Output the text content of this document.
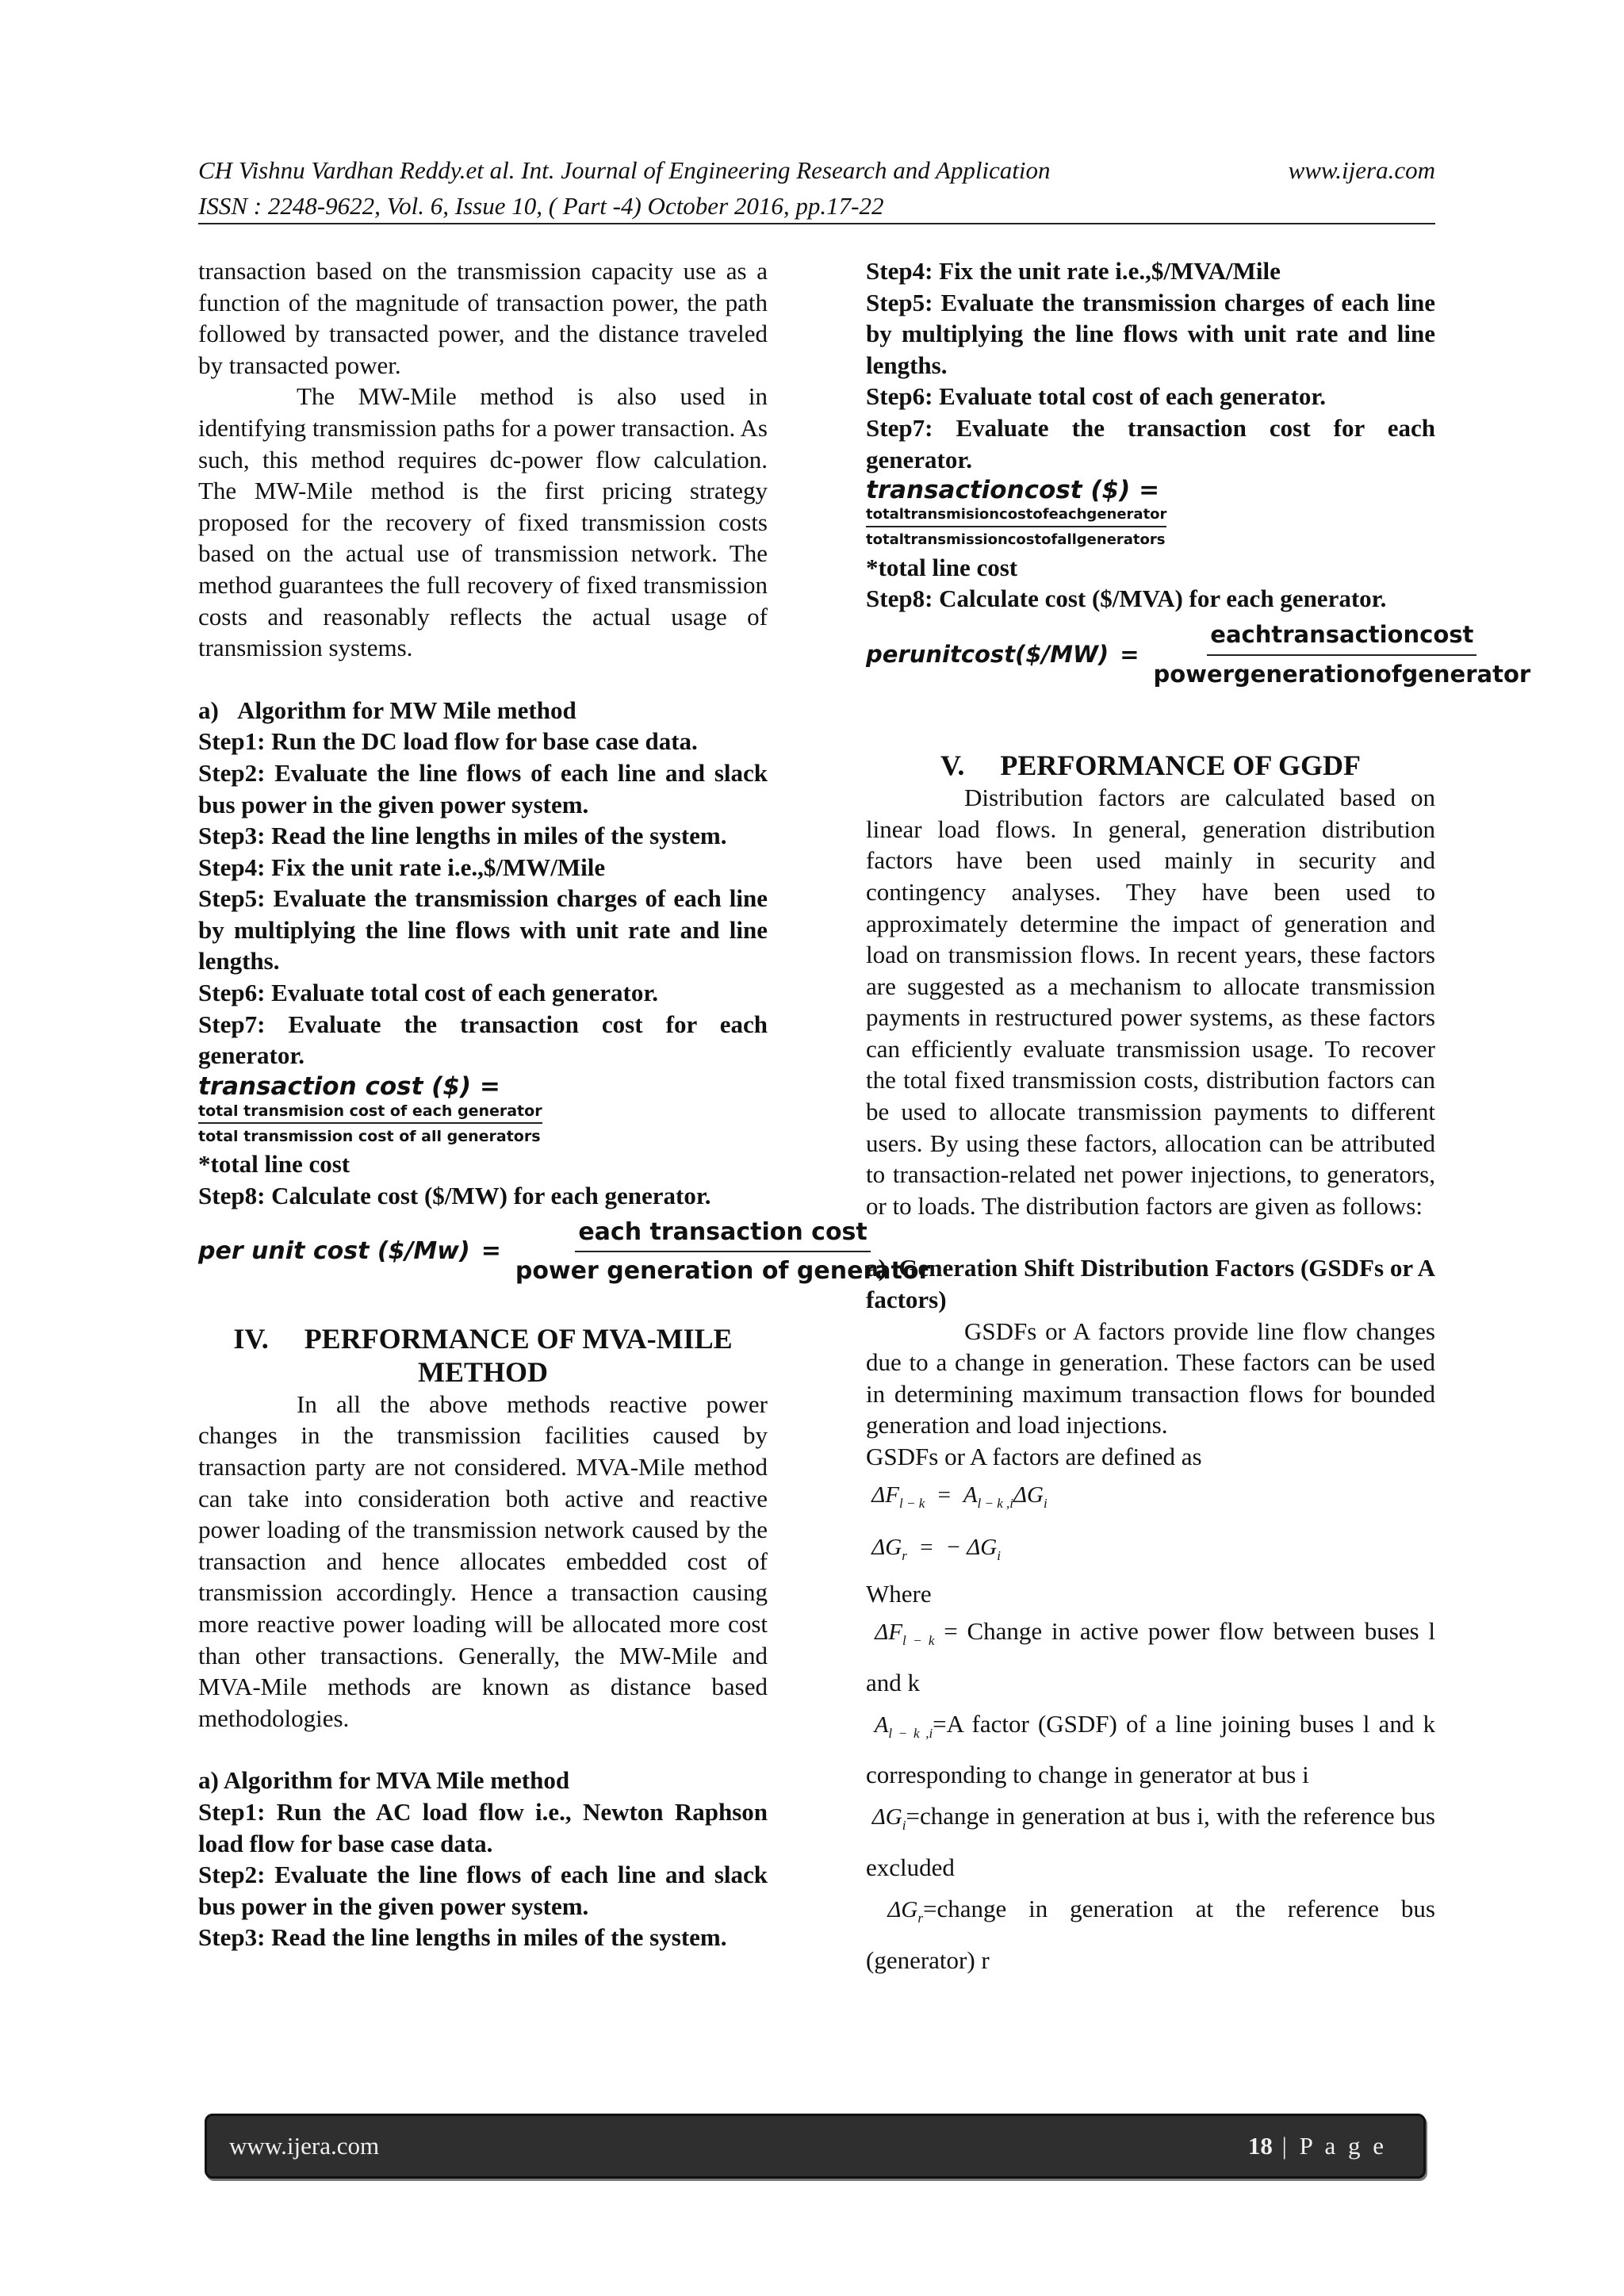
CH Vishnu Vardhan Reddy.et al. Int. Journal of Engineering Research and Application	www.ijera.com
ISSN : 2248-9622, Vol. 6, Issue 10, ( Part -4) October 2016, pp.17-22

transaction based on the transmission capacity use as a function of the magnitude of transaction power, the path followed by transacted power, and the distance traveled by transacted power.

The MW-Mile method is also used in identifying transmission paths for a power transaction. As such, this method requires dc-power flow calculation. The MW-Mile method is the first pricing strategy proposed for the recovery of fixed transmission costs based on the actual use of transmission network. The method guarantees the full recovery of fixed transmission costs and reasonably reflects the actual usage of transmission systems.

a)   Algorithm for MW Mile method

Step1: Run the DC load flow for base case data.

Step2: Evaluate the line flows of each line and slack bus power in the given power system.

Step3: Read the line lengths in miles of the system.

Step4: Fix the unit rate i.e.,$/MW/Mile

Step5: Evaluate the transmission charges of each line by multiplying the line flows with unit rate and line lengths.

Step6: Evaluate total cost of each generator.

Step7: Evaluate the transaction cost for each generator.

transaction cost ($) =
$\frac{\text{total transmision cost of each generator}}{\text{total transmission cost of all generators}}$

*total line cost

Step8: Calculate cost ($/MW) for each generator.

per unit cost ($/Mw) =
each transaction cost
power generation of generator
IV.     PERFORMANCE OF MVA-MILE METHOD

In all the above methods reactive power changes in the transmission facilities caused by transaction party are not considered. MVA-Mile method can take into consideration both active and reactive power loading of the transmission network caused by the transaction and hence allocates embedded cost of transmission accordingly. Hence a transaction causing more reactive power loading will be allocated more cost than other transactions. Generally, the MW-Mile and MVA-Mile methods are known as distance based methodologies.

a) Algorithm for MVA Mile method

Step1: Run the AC load flow i.e., Newton Raphson load flow for base case data.

Step2: Evaluate the line flows of each line and slack bus power in the given power system.

Step3: Read the line lengths in miles of the system.

Step4: Fix the unit rate i.e.,$/MVA/Mile

Step5: Evaluate the transmission charges of each line by multiplying the line flows with unit rate and line lengths.

Step6: Evaluate total cost of each generator.

Step7: Evaluate the transaction cost for each generator.

transactioncost ($) =
$\frac{\text{totaltransmisioncostofeachgenerator}}{\text{totaltransmissioncostofallgenerators}}$

*total line cost

Step8: Calculate cost ($/MVA) for each generator.

perunitcost($/MW) =
eachtransactioncost
powergenerationofgenerator
V.     PERFORMANCE OF GGDF

Distribution factors are calculated based on linear load flows. In general, generation distribution factors have been used mainly in security and contingency analyses. They have been used to approximately determine the impact of generation and load on transmission flows. In recent years, these factors are suggested as a mechanism to allocate transmission payments in restructured power systems, as these factors can efficiently evaluate transmission usage. To recover the total fixed transmission costs, distribution factors can be used to allocate transmission payments to different users. By using these factors, allocation can be attributed to transaction-related net power injections, to generators, or to loads. The distribution factors are given as follows:

a)  Generation Shift Distribution Factors (GSDFs or A factors)

GSDFs or A factors provide line flow changes due to a change in generation. These factors can be used in determining maximum transaction flows for bounded generation and load injections.

GSDFs or A factors are defined as

$\Delta F_{l - k} = A_{l - k ,i}\Delta G_i$
$\Delta G_r$  =  − $\Delta G_i$

Where

$\Delta F_{l - k}$ = Change in active power flow between buses l and k

$A_{l - k ,i}=A$ factor (GSDF) of a line joining buses l and k corresponding to change in generator at bus i

$\Delta G_i=change$ in generation at bus i, with the reference bus excluded

$\Delta G_r=change$ in generation at the reference bus (generator) r

www.ijera.com	18 | P a g e
